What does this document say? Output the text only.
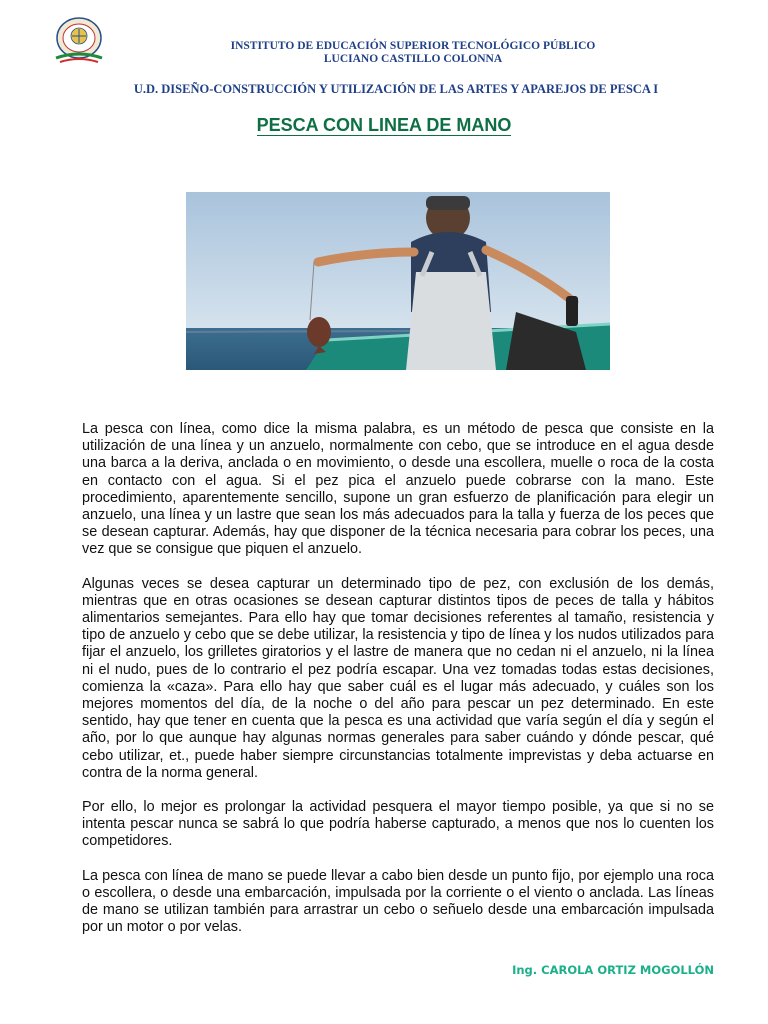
INSTITUTO DE EDUCACIÓN SUPERIOR TECNOLÓGICO PÚBLICO
LUCIANO CASTILLO COLONNA
U.D. DISEÑO-CONSTRUCCIÓN Y UTILIZACIÓN DE LAS ARTES Y APAREJOS DE PESCA I
PESCA CON LINEA DE MANO

La pesca con línea, como dice la misma palabra, es un método de pesca que consiste en la utilización de una línea y un anzuelo, normalmente con cebo, que se introduce en el agua desde una barca a la deriva, anclada o en movimiento, o desde una escollera, muelle o roca de la costa en contacto con el agua. Si el pez pica el anzuelo puede cobrarse con la mano. Este procedimiento, aparentemente sencillo, supone un gran esfuerzo de planificación para elegir un anzuelo, una línea y un lastre que sean los más adecuados para la talla y fuerza de los peces que se desean capturar. Además, hay que disponer de la técnica necesaria para cobrar los peces, una vez que se consigue que piquen el anzuelo.

Algunas veces se desea capturar un determinado tipo de pez, con exclusión de los demás, mientras que en otras ocasiones se desean capturar distintos tipos de peces de talla y hábitos alimentarios semejantes. Para ello hay que tomar decisiones referentes al tamaño, resistencia y tipo de anzuelo y cebo que se debe utilizar, la resistencia y tipo de línea y los nudos utilizados para fijar el anzuelo, los grilletes giratorios y el lastre de manera que no cedan ni el anzuelo, ni la línea ni el nudo, pues de lo contrario el pez podría escapar. Una vez tomadas todas estas decisiones, comienza la «caza». Para ello hay que saber cuál es el lugar más adecuado, y cuáles son los mejores momentos del día, de la noche o del año para pescar un pez determinado. En este sentido, hay que tener en cuenta que la pesca es una actividad que varía según el día y según el año, por lo que aunque hay algunas normas generales para saber cuándo y dónde pescar, qué cebo utilizar, et., puede haber siempre circunstancias totalmente imprevistas y deba actuarse en contra de la norma general.

Por ello, lo mejor es prolongar la actividad pesquera el mayor tiempo posible, ya que si no se intenta pescar nunca se sabrá lo que podría haberse capturado, a menos que nos lo cuenten los competidores.

La pesca con línea de mano se puede llevar a cabo bien desde un punto fijo, por ejemplo una roca o escollera, o desde una embarcación, impulsada por la corriente o el viento o anclada. Las líneas de mano se utilizan también para arrastrar un cebo o señuelo desde una embarcación impulsada por un motor o por velas.

Ing. CAROLA ORTIZ MOGOLLÓN
